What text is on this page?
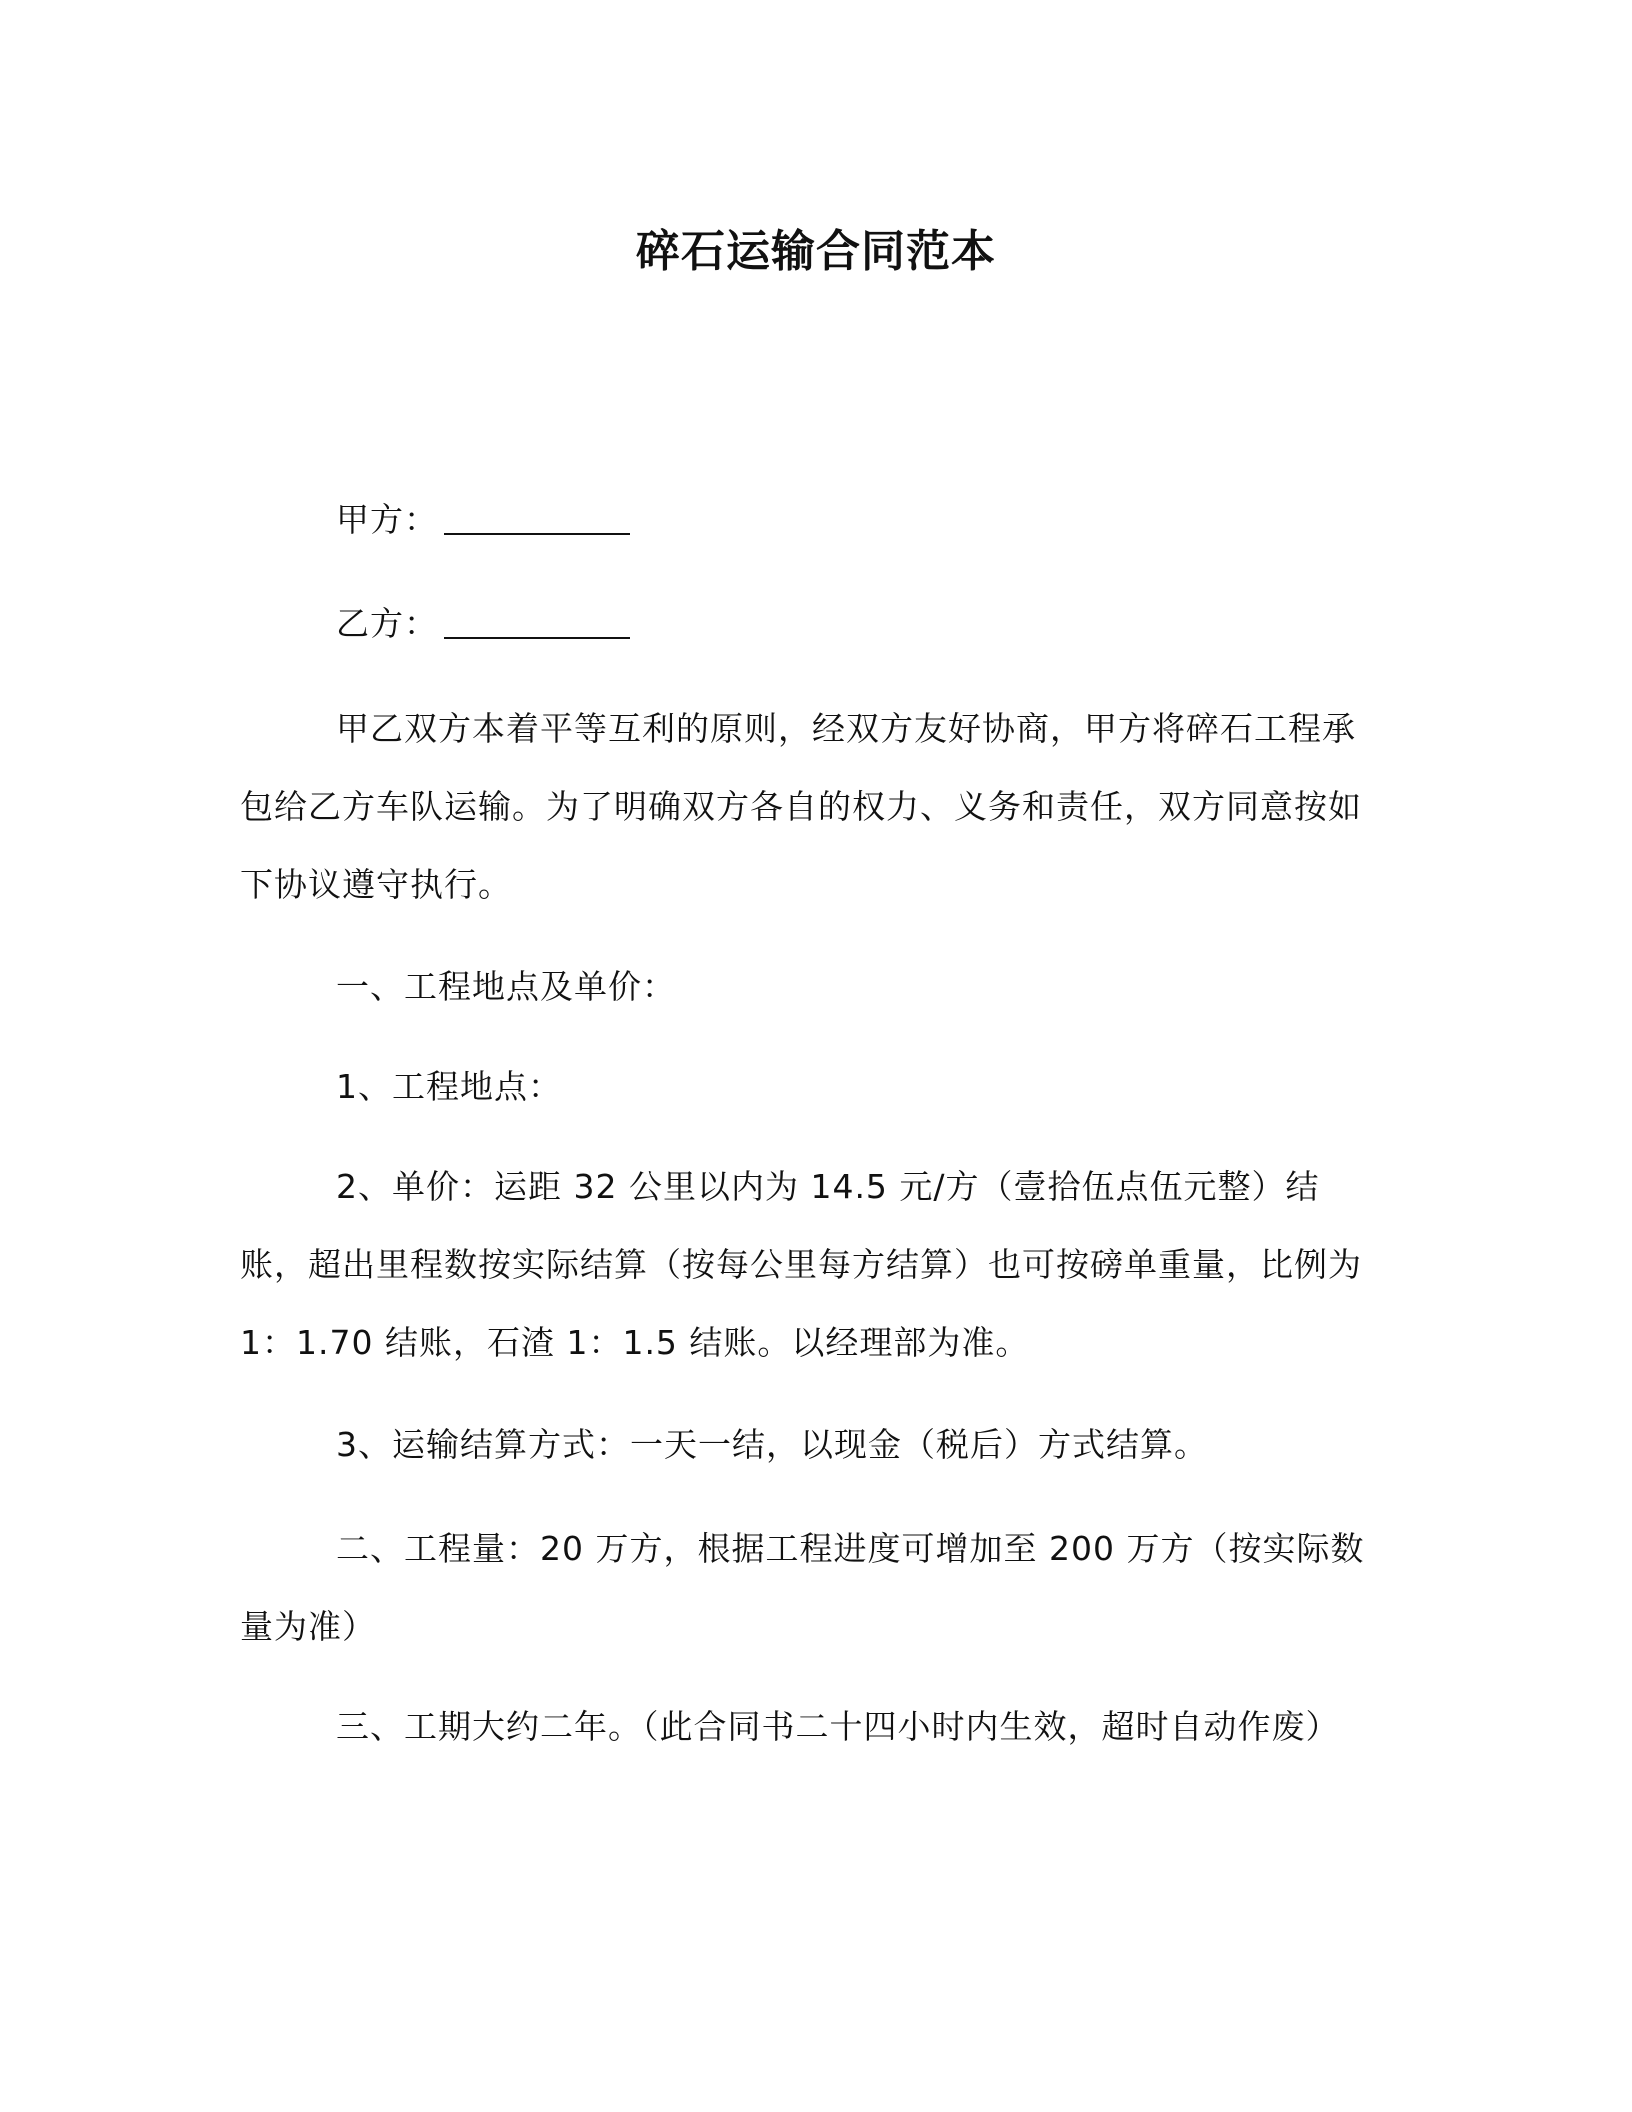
碎石运输合同范本
甲方：
乙方：

甲乙双方本着平等互利的原则，经双方友好协商，甲方将碎石工程承包给乙方车队运输。为了明确双方各自的权力、义务和责任，双方同意按如下协议遵守执行。

一、工程地点及单价：

1、工程地点：

2、单价：运距 32 公里以内为 14.5 元/方（壹拾伍点伍元整）结账，超出里程数按实际结算（按每公里每方结算）也可按磅单重量，比例为 1：1.70 结账，石渣 1：1.5 结账。以经理部为准。

3、运输结算方式：一天一结，以现金（税后）方式结算。

二、工程量：20 万方，根据工程进度可增加至 200 万方（按实际数量为准）

三、工期大约二年。（此合同书二十四小时内生效，超时自动作废）
